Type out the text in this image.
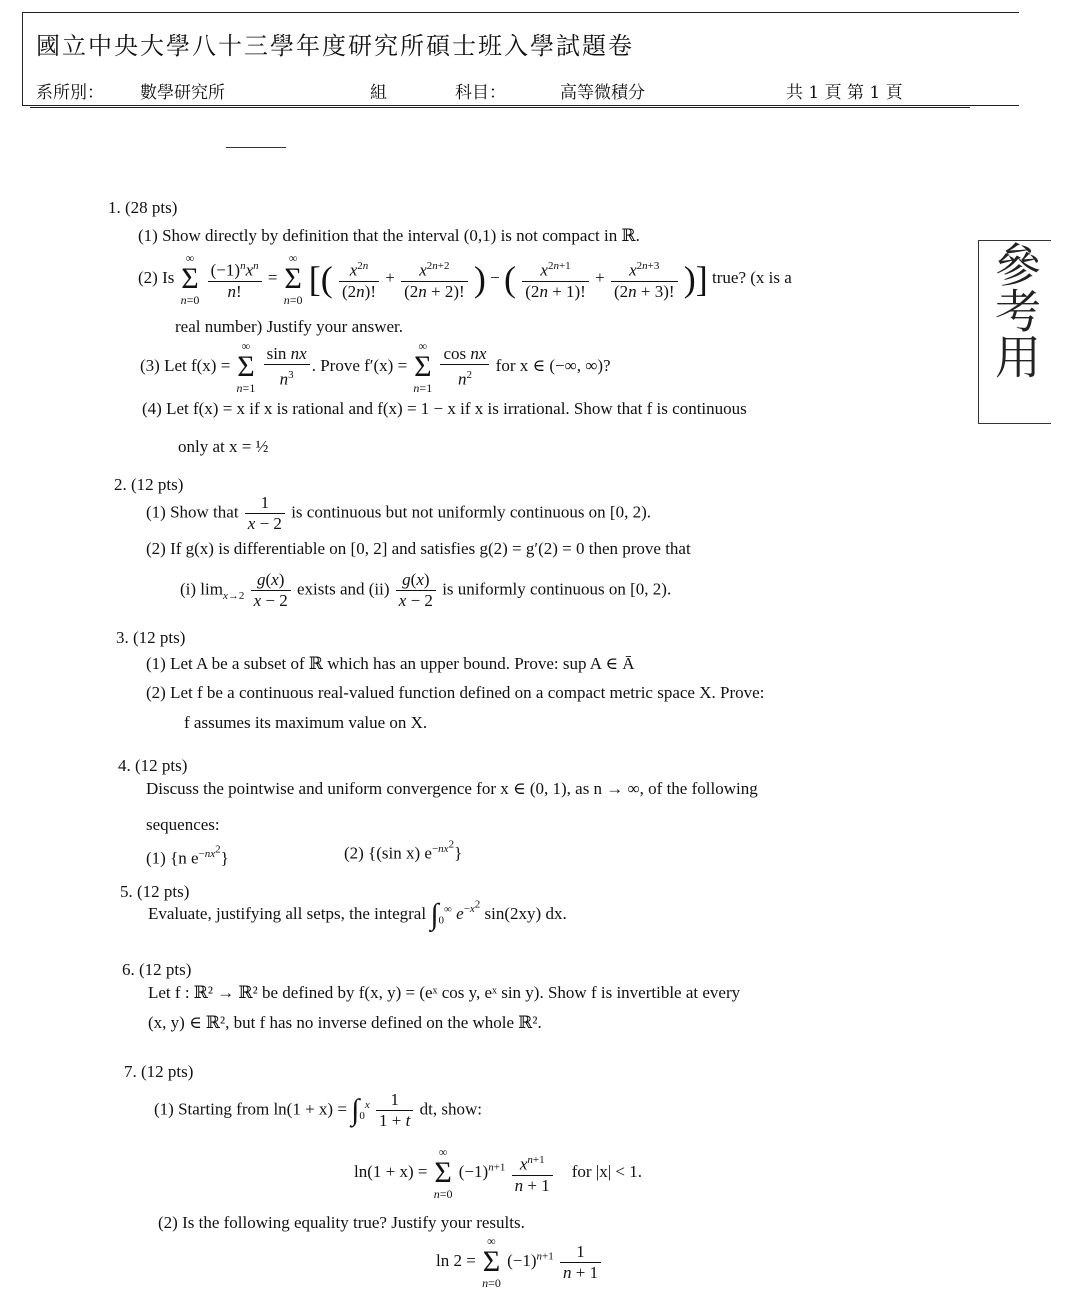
國立中央大學八十三學年度研究所碩士班入學試題卷
系所別： 數學研究所	組	科目：	高等微積分	共 1 頁 第 1 頁
參考用
1. (28 pts)
(1) Show directly by definition that the interval (0,1) is not compact in ℝ.
(2) Is ∞
Σ
$n=0 \frac{(-1)^nx^n}{n!}$ = ∞
Σ
n=0 [( $\frac{x^{2n}}{(2n)!} + \frac{x^{2n+2}}{(2n + 2)!}$ ) − ( $\frac{x^{2n+1}}{(2n + 1)!} + \frac{x^{2n+3}}{(2n + 3)!}$ )] true? (x is a
real number) Justify your answer.
(3) Let f(x) = ∞
Σ
$n=1 \frac{\text{sin nx}}{n^3}$ . Prove f′(x) = ∞
Σ
$n=1 \frac{\text{cos nx}}{n^2}$ for x ∈ (−∞, ∞)?
(4) Let f(x) = x if x is rational and f(x) = 1 − x if x is irrational. Show that f is continuous
only at x = ½
2. (12 pts)
(1) Show that $\frac{1}{x - 2}$ is continuous but not uniformly continuous on [0, 2).
(2) If g(x) is differentiable on [0, 2] and satisfies g(2) = g′(2) = 0 then prove that
(i) $\lim_{x\to 2} \frac{g(x)}{x - 2}$ exists and $(ii) \frac{g(x)}{x - 2}$ is uniformly continuous on [0, 2).
3. (12 pts)
(1) Let A be a subset of ℝ which has an upper bound. Prove: sup A ∈ Ā
(2) Let f be a continuous real-valued function defined on a compact metric space X. Prove:
f assumes its maximum value on X.
4. (12 pts)
Discuss the pointwise and uniform convergence for x ∈ (0, 1), as n → ∞, of the following
sequences:
(1) {n $e^{-nx^2}$}	(2) {(sin x) $e^{-nx^2}$}
5. (12 pts)
Evaluate, justifying all setps, the integral $\int_0^\infty$ $e^{-x^2}$ sin(2xy) dx.
6. (12 pts)
Let f : ℝ² → ℝ² be defined by f(x, y) = (eˣ cos y, eˣ sin y). Show f is invertible at every
(x, y) ∈ ℝ², but f has no inverse defined on the whole ℝ².
7. (12 pts)
(1) Starting from $\ln(1 + x) = \int_0^x \frac{1}{1 + t}$ dt, show:
ln(1 + x) = ∞
Σ
n=0 $(-1)^{n+1} \frac{x^{n+1}}{n + 1}$ for |x| < 1.
(2) Is the following equality true? Justify your results.
ln 2 = ∞
Σ
n=0 $(-1)^{n+1} \frac{1}{n + 1}$
